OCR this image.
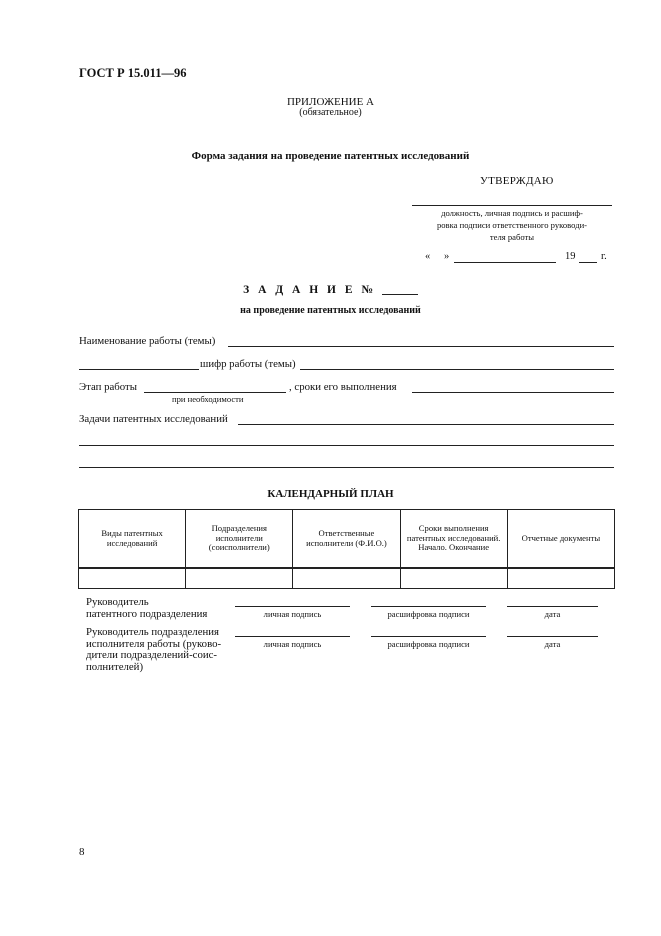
ГОСТ Р 15.011—96
ПРИЛОЖЕНИЕ А
(обязательное)
Форма задания на проведение патентных исследований
УТВЕРЖДАЮ
должность, личная подпись и расшиф-
ровка подписи ответственного руководи-
теля работы
« »	19 г.
З А Д А Н И Е №
на проведение патентных исследований
Наименование работы (темы)
шифр работы (темы)
Этап работы
при необходимости
, сроки его выполнения
Задачи патентных исследований
КАЛЕНДАРНЫЙ ПЛАН
Виды патентных исследований	Подразделения исполнители (соисполнители)	Ответственные исполнители (Ф.И.О.)	Сроки выполнения патентных исследований. Начало. Окончание	Отчетные документы

Руководитель
патентного подразделения	личная подпись	расшифровка подписи	дата
Руководитель подразделения
исполнителя работы (руково-
дители подразделений-соис-
полнителей)
личная подпись	расшифровка подписи	дата
8
